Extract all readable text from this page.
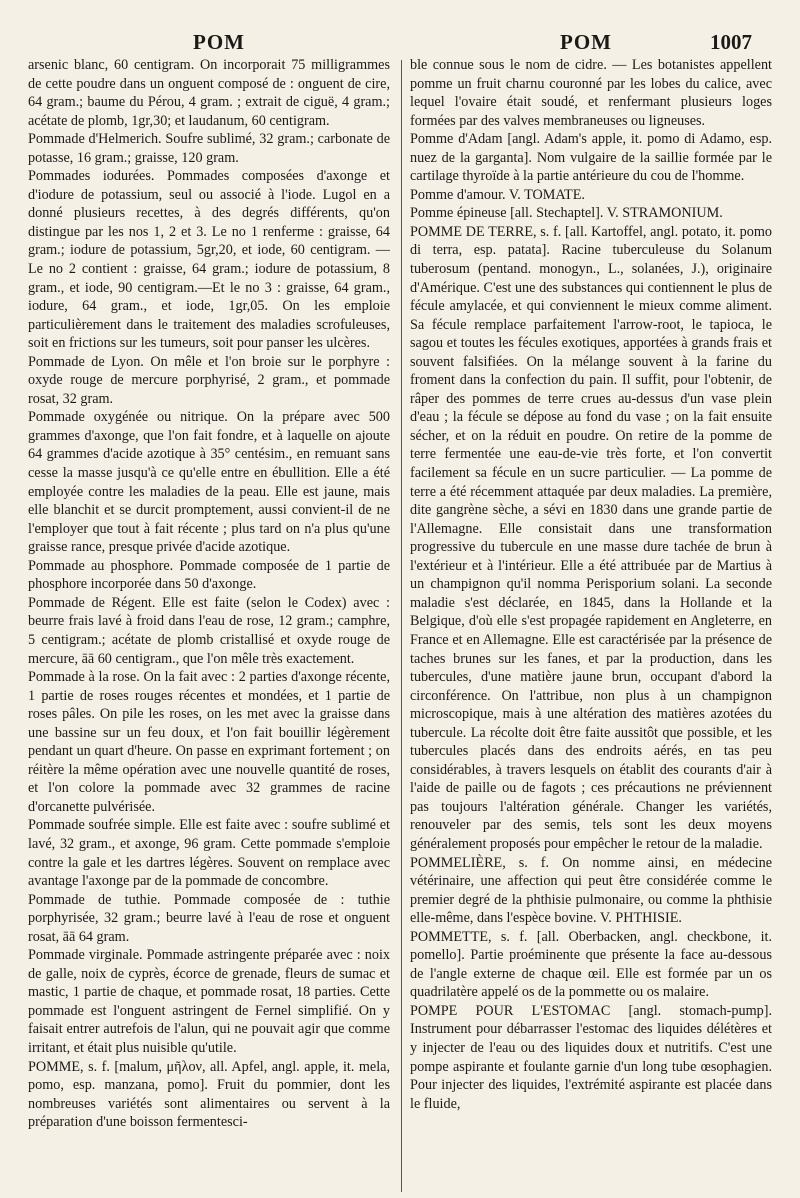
POM	POM	1007

arsenic blanc, 60 centigram. On incorporait 75 milligrammes de cette poudre dans un onguent composé de : onguent de cire, 64 gram.; baume du Pérou, 4 gram. ; extrait de ciguë, 4 gram.; acétate de plomb, 1gr,30; et laudanum, 60 centigram.

Pommade d'Helmerich. Soufre sublimé, 32 gram.; carbonate de potasse, 16 gram.; graisse, 120 gram.

Pommades iodurées. Pommades composées d'axonge et d'iodure de potassium, seul ou associé à l'iode. Lugol en a donné plusieurs recettes, à des degrés différents, qu'on distingue par les nos 1, 2 et 3. Le no 1 renferme : graisse, 64 gram.; iodure de potassium, 5gr,20, et iode, 60 centigram. — Le no 2 contient : graisse, 64 gram.; iodure de potassium, 8 gram., et iode, 90 centigram.—Et le no 3 : graisse, 64 gram., iodure, 64 gram., et iode, 1gr,05. On les emploie particulièrement dans le traitement des maladies scrofuleuses, soit en frictions sur les tumeurs, soit pour panser les ulcères.

Pommade de Lyon. On mêle et l'on broie sur le porphyre : oxyde rouge de mercure porphyrisé, 2 gram., et pommade rosat, 32 gram.

Pommade oxygénée ou nitrique. On la prépare avec 500 grammes d'axonge, que l'on fait fondre, et à laquelle on ajoute 64 grammes d'acide azotique à 35° centésim., en remuant sans cesse la masse jusqu'à ce qu'elle entre en ébullition. Elle a été employée contre les maladies de la peau. Elle est jaune, mais elle blanchit et se durcit promptement, aussi convient-il de ne l'employer que tout à fait récente ; plus tard on n'a plus qu'une graisse rance, presque privée d'acide azotique.

Pommade au phosphore. Pommade composée de 1 partie de phosphore incorporée dans 50 d'axonge.

Pommade de Régent. Elle est faite (selon le Codex) avec : beurre frais lavé à froid dans l'eau de rose, 12 gram.; camphre, 5 centigram.; acétate de plomb cristallisé et oxyde rouge de mercure, āā 60 centigram., que l'on mêle très exactement.

Pommade à la rose. On la fait avec : 2 parties d'axonge récente, 1 partie de roses rouges récentes et mondées, et 1 partie de roses pâles. On pile les roses, on les met avec la graisse dans une bassine sur un feu doux, et l'on fait bouillir légèrement pendant un quart d'heure. On passe en exprimant fortement ; on réitère la même opération avec une nouvelle quantité de roses, et l'on colore la pommade avec 32 grammes de racine d'orcanette pulvérisée.

Pommade soufrée simple. Elle est faite avec : soufre sublimé et lavé, 32 gram., et axonge, 96 gram. Cette pommade s'emploie contre la gale et les dartres légères. Souvent on remplace avec avantage l'axonge par de la pommade de concombre.

Pommade de tuthie. Pommade composée de : tuthie porphyrisée, 32 gram.; beurre lavé à l'eau de rose et onguent rosat, āā 64 gram.

Pommade virginale. Pommade astringente préparée avec : noix de galle, noix de cyprès, écorce de grenade, fleurs de sumac et mastic, 1 partie de chaque, et pommade rosat, 18 parties. Cette pommade est l'onguent astringent de Fernel simplifié. On y faisait entrer autrefois de l'alun, qui ne pouvait agir que comme irritant, et était plus nuisible qu'utile.

POMME, s. f. [malum, μῆλον, all. Apfel, angl. apple, it. mela, pomo, esp. manzana, pomo]. Fruit du pommier, dont les nombreuses variétés sont alimentaires ou servent à la préparation d'une boisson fermentesci-

ble connue sous le nom de cidre. — Les botanistes appellent pomme un fruit charnu couronné par les lobes du calice, avec lequel l'ovaire était soudé, et renfermant plusieurs loges formées par des valves membraneuses ou ligneuses.

Pomme d'Adam [angl. Adam's apple, it. pomo di Adamo, esp. nuez de la garganta]. Nom vulgaire de la saillie formée par le cartilage thyroïde à la partie antérieure du cou de l'homme.

Pomme d'amour. V. TOMATE.

Pomme épineuse [all. Stechaptel]. V. STRAMONIUM.

POMME DE TERRE, s. f. [all. Kartoffel, angl. potato, it. pomo di terra, esp. patata]. Racine tuberculeuse du Solanum tuberosum (pentand. monogyn., L., solanées, J.), originaire d'Amérique. C'est une des substances qui contiennent le plus de fécule amylacée, et qui conviennent le mieux comme aliment. Sa fécule remplace parfaitement l'arrow-root, le tapioca, le sagou et toutes les fécules exotiques, apportées à grands frais et souvent falsifiées. On la mélange souvent à la farine du froment dans la confection du pain. Il suffit, pour l'obtenir, de râper des pommes de terre crues au-dessus d'un vase plein d'eau ; la fécule se dépose au fond du vase ; on la fait ensuite sécher, et on la réduit en poudre. On retire de la pomme de terre fermentée une eau-de-vie très forte, et l'on convertit facilement sa fécule en un sucre particulier. — La pomme de terre a été récemment attaquée par deux maladies. La première, dite gangrène sèche, a sévi en 1830 dans une grande partie de l'Allemagne. Elle consistait dans une transformation progressive du tubercule en une masse dure tachée de brun à l'extérieur et à l'intérieur. Elle a été attribuée par de Martius à un champignon qu'il nomma Perisporium solani. La seconde maladie s'est déclarée, en 1845, dans la Hollande et la Belgique, d'où elle s'est propagée rapidement en Angleterre, en France et en Allemagne. Elle est caractérisée par la présence de taches brunes sur les fanes, et par la production, dans les tubercules, d'une matière jaune brun, occupant d'abord la circonférence. On l'attribue, non plus à un champignon microscopique, mais à une altération des matières azotées du tubercule. La récolte doit être faite aussitôt que possible, et les tubercules placés dans des endroits aérés, en tas peu considérables, à travers lesquels on établit des courants d'air à l'aide de paille ou de fagots ; ces précautions ne préviennent pas toujours l'altération générale. Changer les variétés, renouveler par des semis, tels sont les deux moyens généralement proposés pour empêcher le retour de la maladie.

POMMELIÈRE, s. f. On nomme ainsi, en médecine vétérinaire, une affection qui peut être considérée comme le premier degré de la phthisie pulmonaire, ou comme la phthisie elle-même, dans l'espèce bovine. V. PHTHISIE.

POMMETTE, s. f. [all. Oberbacken, angl. checkbone, it. pomello]. Partie proéminente que présente la face au-dessous de l'angle externe de chaque œil. Elle est formée par un os quadrilatère appelé os de la pommette ou os malaire.

POMPE POUR L'ESTOMAC [angl. stomach-pump]. Instrument pour débarrasser l'estomac des liquides délétères et y injecter de l'eau ou des liquides doux et nutritifs. C'est une pompe aspirante et foulante garnie d'un long tube œsophagien. Pour injecter des liquides, l'extrémité aspirante est placée dans le fluide,
